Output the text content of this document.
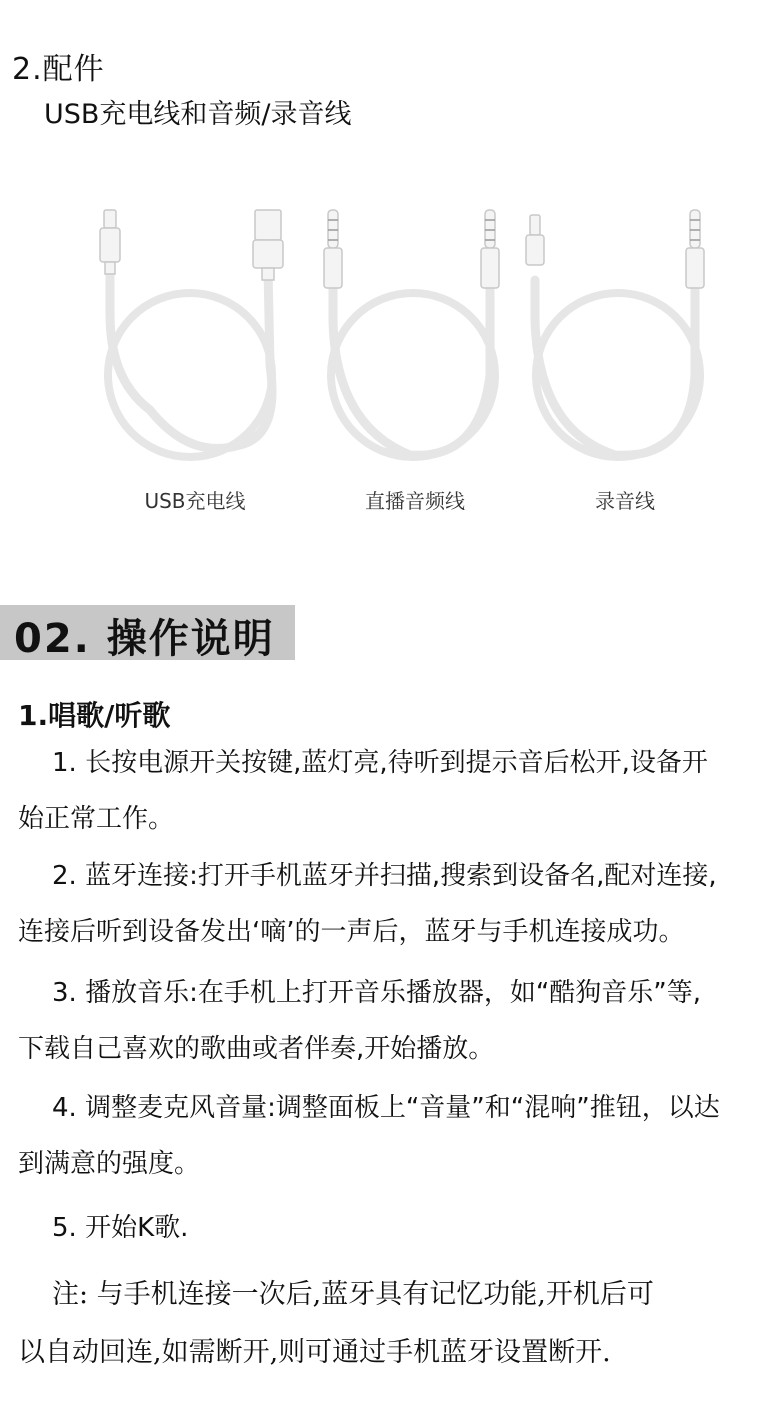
2.配件
USB充电线和音频/录音线
USB充电线	直播音频线	录音线
02. 操作说明
1.唱歌/听歌
1. 长按电源开关按键,蓝灯亮,待听到提示音后松开,设备开
始正常工作。
2. 蓝牙连接:打开手机蓝牙并扫描,搜索到设备名,配对连接,
连接后听到设备发出‘嘀’的一声后，蓝牙与手机连接成功。
3. 播放音乐:在手机上打开音乐播放器，如“酷狗音乐”等,
下载自己喜欢的歌曲或者伴奏,开始播放。
4. 调整麦克风音量:调整面板上“音量”和“混响”推钮，以达
到满意的强度。
5. 开始K歌.
注: 与手机连接一次后,蓝牙具有记忆功能,开机后可
以自动回连,如需断开,则可通过手机蓝牙设置断开.
